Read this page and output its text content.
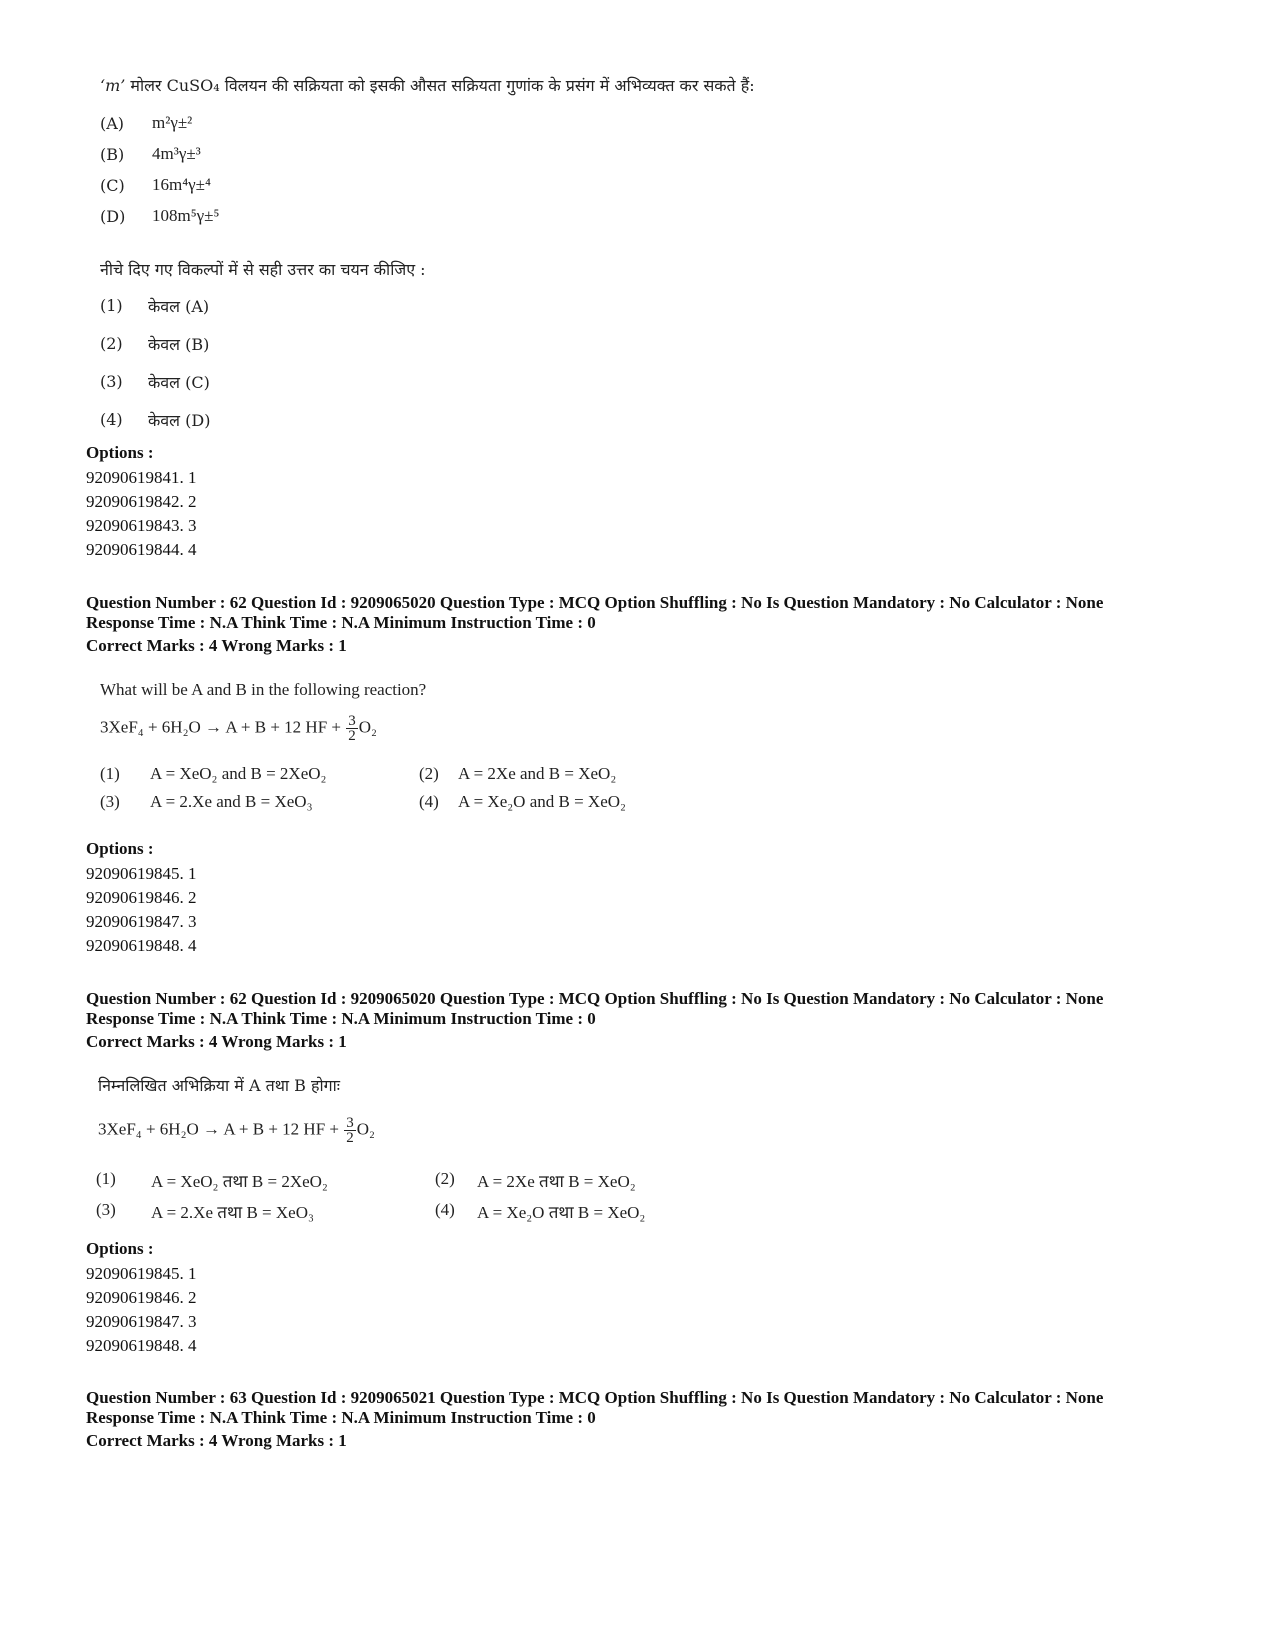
‘m’ मोलर CuSO₄ विलयन की सक्रियता को इसकी औसत सक्रियता गुणांक के प्रसंग में अभिव्यक्त कर सकते हैं:
(A) m²γ±²
(B) 4m³γ±³
(C) 16m⁴γ±⁴
(D) 108m⁵γ±⁵
नीचे दिए गए विकल्पों में से सही उत्तर का चयन कीजिए :
(1) केवल (A)
(2) केवल (B)
(3) केवल (C)
(4) केवल (D)
Options :
92090619841. 1
92090619842. 2
92090619843. 3
92090619844. 4
Question Number : 62 Question Id : 9209065020 Question Type : MCQ Option Shuffling : No Is Question Mandatory : No Calculator : None
Response Time : N.A Think Time : N.A Minimum Instruction Time : 0
Correct Marks : 4 Wrong Marks : 1
What will be A and B in the following reaction?
3XeF₄ + 6H₂O → A + B + 12 HF + $\frac{3}{2} O_2$
(1) A = XeO₂ and B = 2XeO₂	(2) A = 2Xe and B = XeO₂
(3) A = 2.Xe and B = XeO₃	(4) A = Xe₂O and B = XeO₂
Options :
92090619845. 1
92090619846. 2
92090619847. 3
92090619848. 4
Question Number : 62 Question Id : 9209065020 Question Type : MCQ Option Shuffling : No Is Question Mandatory : No Calculator : None
Response Time : N.A Think Time : N.A Minimum Instruction Time : 0
Correct Marks : 4 Wrong Marks : 1
निम्नलिखित अभिक्रिया में A तथा B होगाः
3XeF₄ + 6H₂O → A + B + 12 HF + $\frac{3}{2} O_2$
(1) A = XeO₂ तथा B = 2XeO₂	(2) A = 2Xe तथा B = XeO₂
(3) A = 2.Xe तथा B = XeO₃	(4) A = Xe₂O तथा B = XeO₂
Options :
92090619845. 1
92090619846. 2
92090619847. 3
92090619848. 4
Question Number : 63 Question Id : 9209065021 Question Type : MCQ Option Shuffling : No Is Question Mandatory : No Calculator : None
Response Time : N.A Think Time : N.A Minimum Instruction Time : 0
Correct Marks : 4 Wrong Marks : 1
